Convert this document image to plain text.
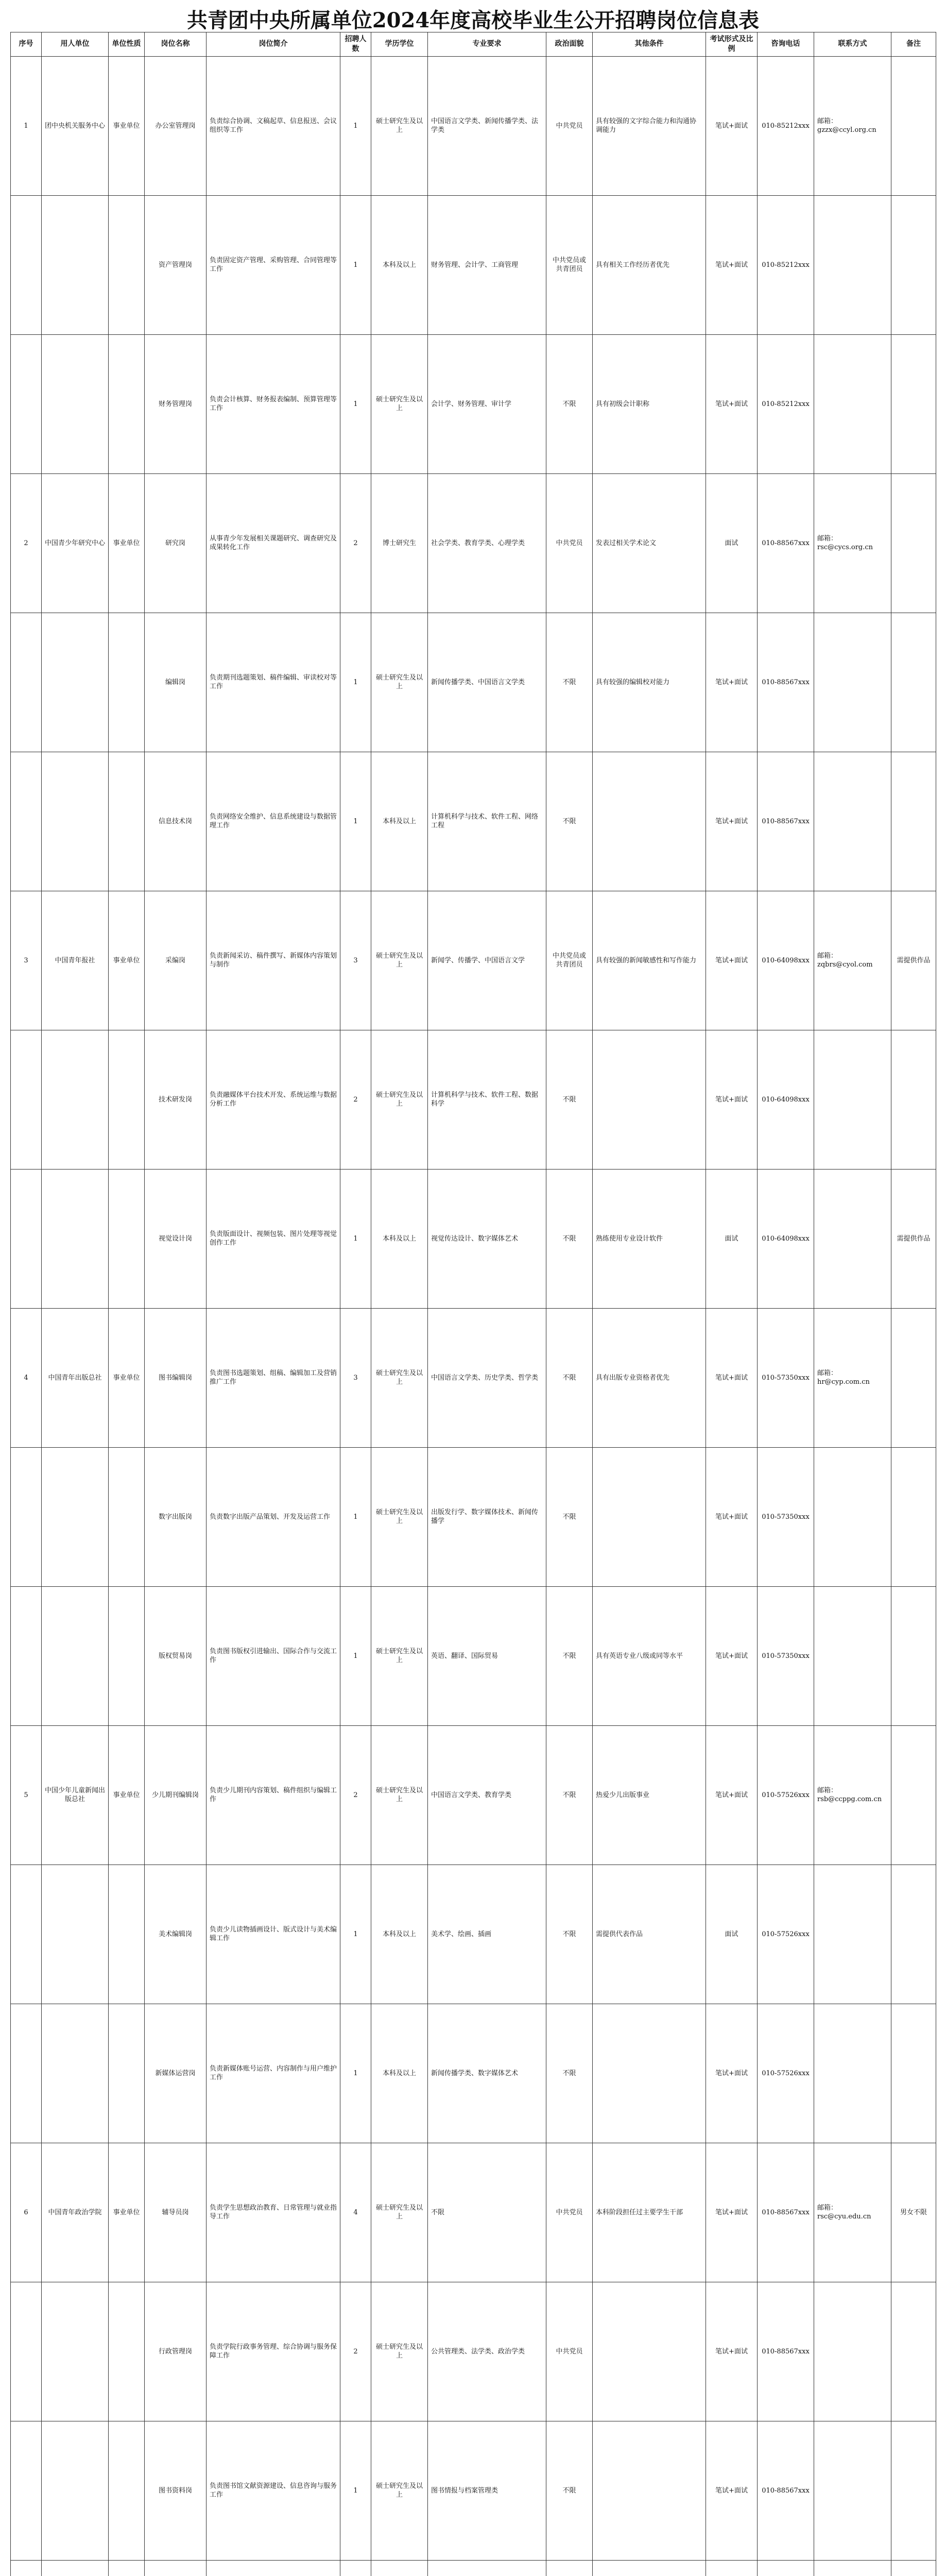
共青团中央所属单位2024年度高校毕业生公开招聘岗位信息表
序号	用人单位	单位性质	岗位名称	岗位简介	招聘人数	学历学位	专业要求	政治面貌	其他条件	考试形式及比例	咨询电话	联系方式	备注
1	团中央机关服务中心	事业单位	办公室管理岗	负责综合协调、文稿起草、信息报送、会议组织等工作	1	硕士研究生及以上	中国语言文学类、新闻传播学类、法学类	中共党员	具有较强的文字综合能力和沟通协调能力	笔试+面试	010-85212xxx	邮箱：gzzx@ccyl.org.cn	
			资产管理岗	负责固定资产管理、采购管理、合同管理等工作	1	本科及以上	财务管理、会计学、工商管理	中共党员或共青团员	具有相关工作经历者优先	笔试+面试	010-85212xxx		
			财务管理岗	负责会计核算、财务报表编制、预算管理等工作	1	硕士研究生及以上	会计学、财务管理、审计学	不限	具有初级会计职称	笔试+面试	010-85212xxx		
2	中国青少年研究中心	事业单位	研究岗	从事青少年发展相关课题研究、调查研究及成果转化工作	2	博士研究生	社会学类、教育学类、心理学类	中共党员	发表过相关学术论文	面试	010-88567xxx	邮箱：rsc@cycs.org.cn	
			编辑岗	负责期刊选题策划、稿件编辑、审读校对等工作	1	硕士研究生及以上	新闻传播学类、中国语言文学类	不限	具有较强的编辑校对能力	笔试+面试	010-88567xxx		
			信息技术岗	负责网络安全维护、信息系统建设与数据管理工作	1	本科及以上	计算机科学与技术、软件工程、网络工程	不限		笔试+面试	010-88567xxx		
3	中国青年报社	事业单位	采编岗	负责新闻采访、稿件撰写、新媒体内容策划与制作	3	硕士研究生及以上	新闻学、传播学、中国语言文学	中共党员或共青团员	具有较强的新闻敏感性和写作能力	笔试+面试	010-64098xxx	邮箱：zqbrs@cyol.com	需提供作品
			技术研发岗	负责融媒体平台技术开发、系统运维与数据分析工作	2	硕士研究生及以上	计算机科学与技术、软件工程、数据科学	不限		笔试+面试	010-64098xxx		
			视觉设计岗	负责版面设计、视频包装、图片处理等视觉创作工作	1	本科及以上	视觉传达设计、数字媒体艺术	不限	熟练使用专业设计软件	面试	010-64098xxx		需提供作品
4	中国青年出版总社	事业单位	图书编辑岗	负责图书选题策划、组稿、编辑加工及营销推广工作	3	硕士研究生及以上	中国语言文学类、历史学类、哲学类	不限	具有出版专业资格者优先	笔试+面试	010-57350xxx	邮箱：hr@cyp.com.cn	
			数字出版岗	负责数字出版产品策划、开发及运营工作	1	硕士研究生及以上	出版发行学、数字媒体技术、新闻传播学	不限		笔试+面试	010-57350xxx		
			版权贸易岗	负责图书版权引进输出、国际合作与交流工作	1	硕士研究生及以上	英语、翻译、国际贸易	不限	具有英语专业八级或同等水平	笔试+面试	010-57350xxx		
5	中国少年儿童新闻出版总社	事业单位	少儿期刊编辑岗	负责少儿期刊内容策划、稿件组织与编辑工作	2	硕士研究生及以上	中国语言文学类、教育学类	不限	热爱少儿出版事业	笔试+面试	010-57526xxx	邮箱：rsb@ccppg.com.cn	
			美术编辑岗	负责少儿读物插画设计、版式设计与美术编辑工作	1	本科及以上	美术学、绘画、插画	不限	需提供代表作品	面试	010-57526xxx		
			新媒体运营岗	负责新媒体账号运营、内容制作与用户维护工作	1	本科及以上	新闻传播学类、数字媒体艺术	不限		笔试+面试	010-57526xxx		
6	中国青年政治学院	事业单位	辅导员岗	负责学生思想政治教育、日常管理与就业指导工作	4	硕士研究生及以上	不限	中共党员	本科阶段担任过主要学生干部	笔试+面试	010-88567xxx	邮箱：rsc@cyu.edu.cn	男女不限
			行政管理岗	负责学院行政事务管理、综合协调与服务保障工作	2	硕士研究生及以上	公共管理类、法学类、政治学类	中共党员		笔试+面试	010-88567xxx		
			图书资料岗	负责图书馆文献资源建设、信息咨询与服务工作	1	硕士研究生及以上	图书情报与档案管理类	不限		笔试+面试	010-88567xxx		
